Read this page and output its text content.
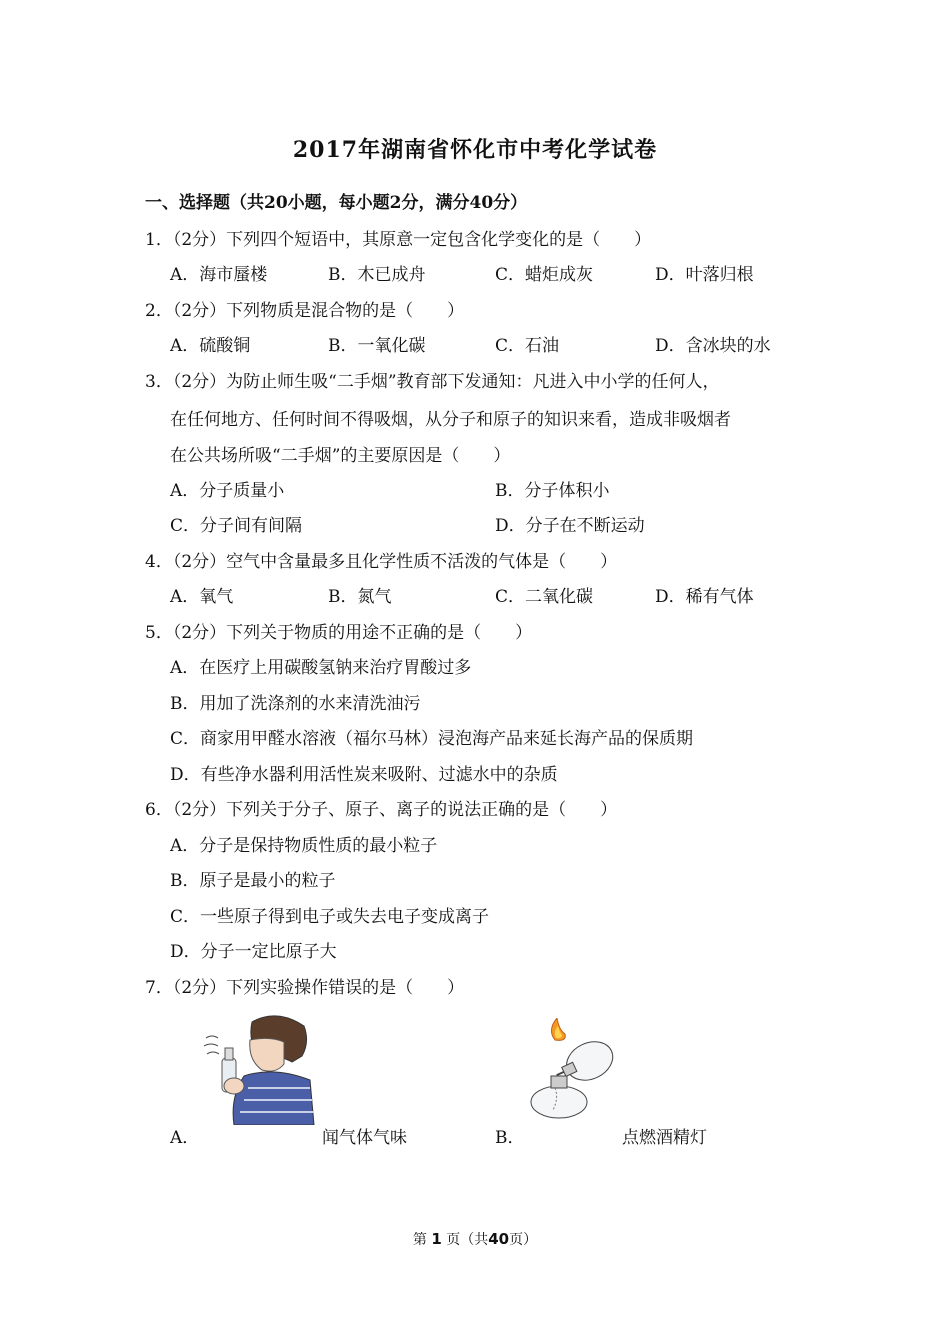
2017年湖南省怀化市中考化学试卷
一、选择题（共20小题，每小题2分，满分40分）
1．（2分）下列四个短语中，其原意一定包含化学变化的是（　　）
A．海市蜃楼	B．木已成舟	C．蜡炬成灰	D．叶落归根
2．（2分）下列物质是混合物的是（　　）
A．硫酸铜	B．一氧化碳	C．石油	D．含冰块的水
3．（2分）为防止师生吸“二手烟”教育部下发通知：凡进入中小学的任何人，
在任何地方、任何时间不得吸烟，从分子和原子的知识来看，造成非吸烟者
在公共场所吸“二手烟”的主要原因是（　　）
A．分子质量小	B．分子体积小
C．分子间有间隔	D．分子在不断运动
4．（2分）空气中含量最多且化学性质不活泼的气体是（　　）
A．氧气	B．氮气	C．二氧化碳	D．稀有气体
5．（2分）下列关于物质的用途不正确的是（　　）
A．在医疗上用碳酸氢钠来治疗胃酸过多
B．用加了洗涤剂的水来清洗油污
C．商家用甲醛水溶液（福尔马林）浸泡海产品来延长海产品的保质期
D．有些净水器利用活性炭来吸附、过滤水中的杂质
6．（2分）下列关于分子、原子、离子的说法正确的是（　　）
A．分子是保持物质性质的最小粒子
B．原子是最小的粒子
C．一些原子得到电子或失去电子变成离子
D．分子一定比原子大
7．（2分）下列实验操作错误的是（　　）
A．	闻气体气味	B．	点燃酒精灯
第 1 页（共40页）
